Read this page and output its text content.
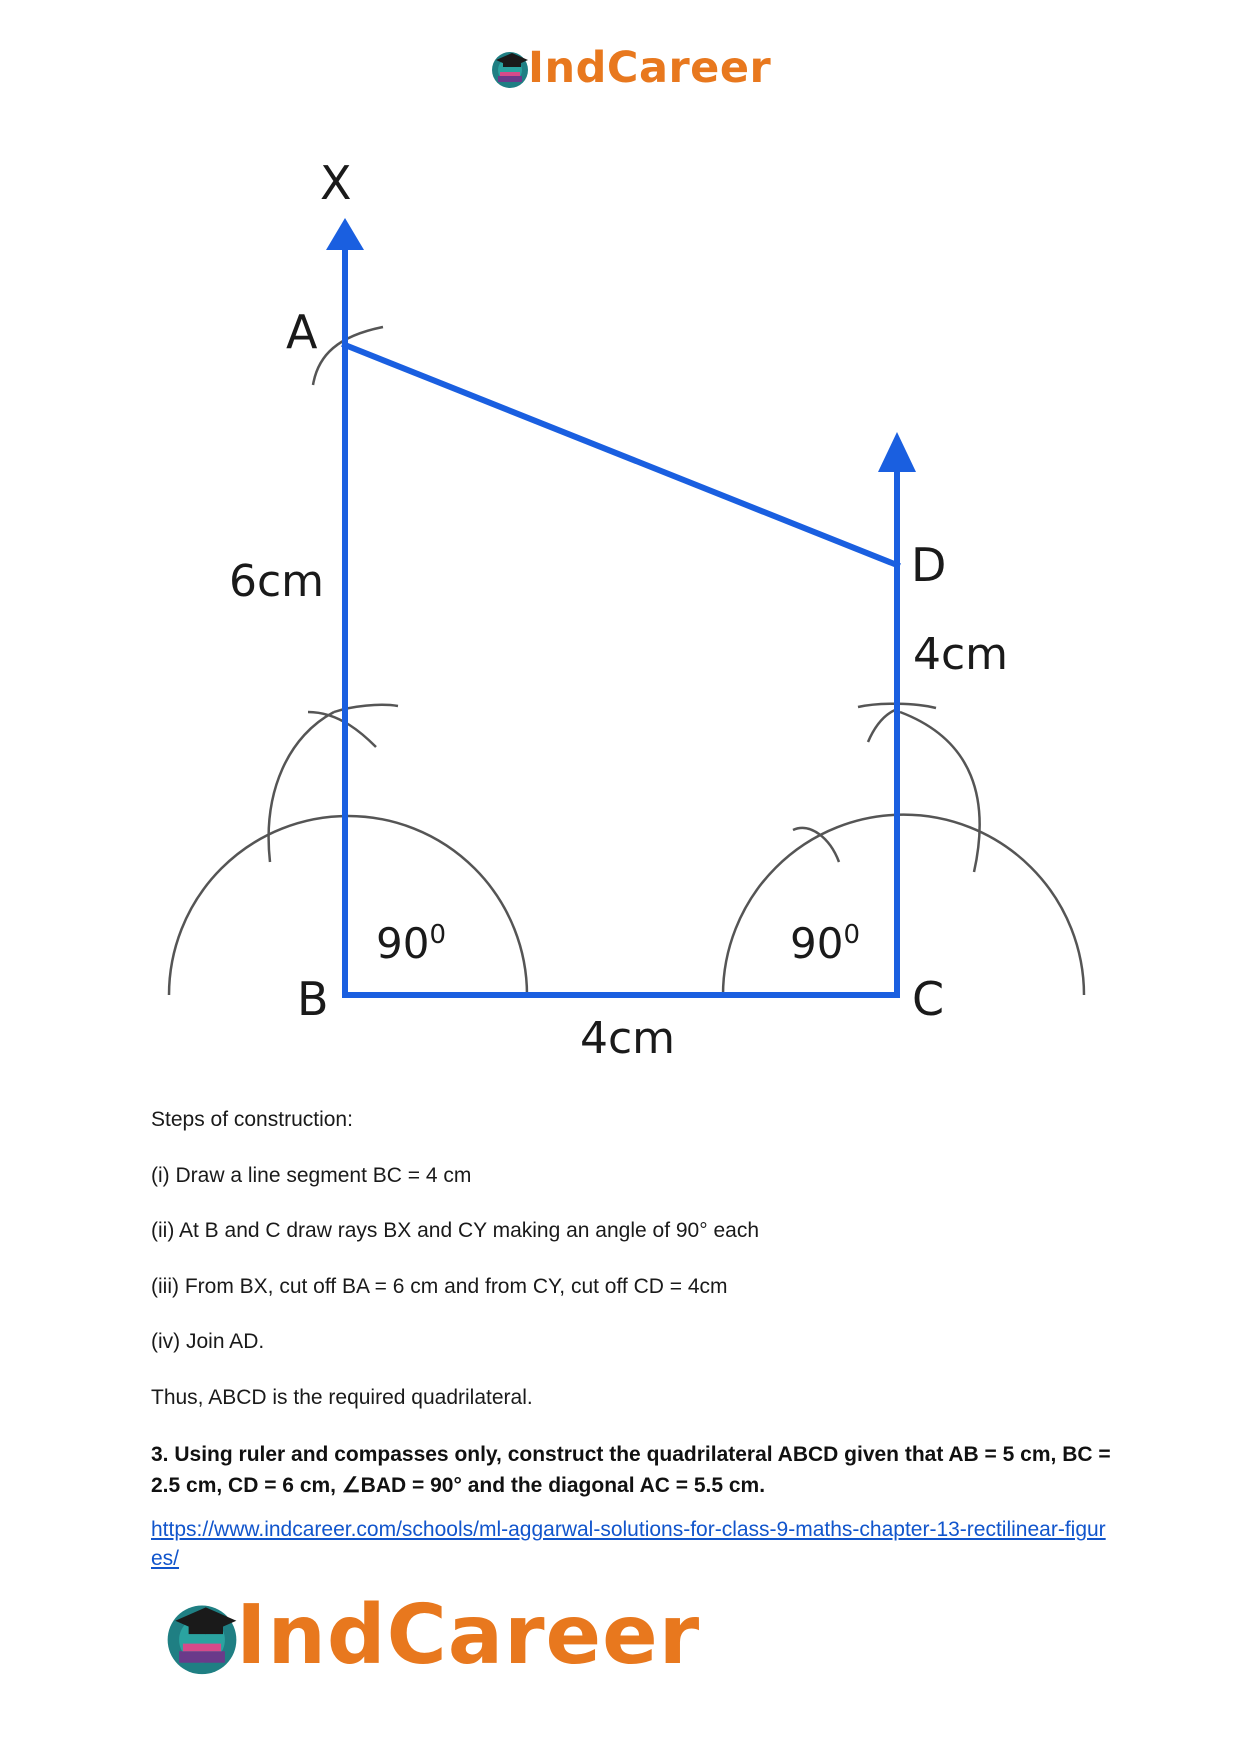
IndCareer
X
A
B	C
D
6cm
4cm
4cm
$90^0$	$90^0$
Steps of construction:
(i) Draw a line segment BC = 4 cm
(ii) At B and C draw rays BX and CY making an angle of 90° each
(iii) From BX, cut off BA = 6 cm and from CY, cut off CD = 4cm
(iv) Join AD.
Thus, ABCD is the required quadrilateral.
3. Using ruler and compasses only, construct the quadrilateral ABCD given that AB = 5 cm, BC = 2.5 cm, CD = 6 cm, ∠BAD = 90° and the diagonal AC = 5.5 cm.
https://www.indcareer.com/schools/ml-aggarwal-solutions-for-class-9-maths-chapter-13-rectilinear-figures/
IndCareer
